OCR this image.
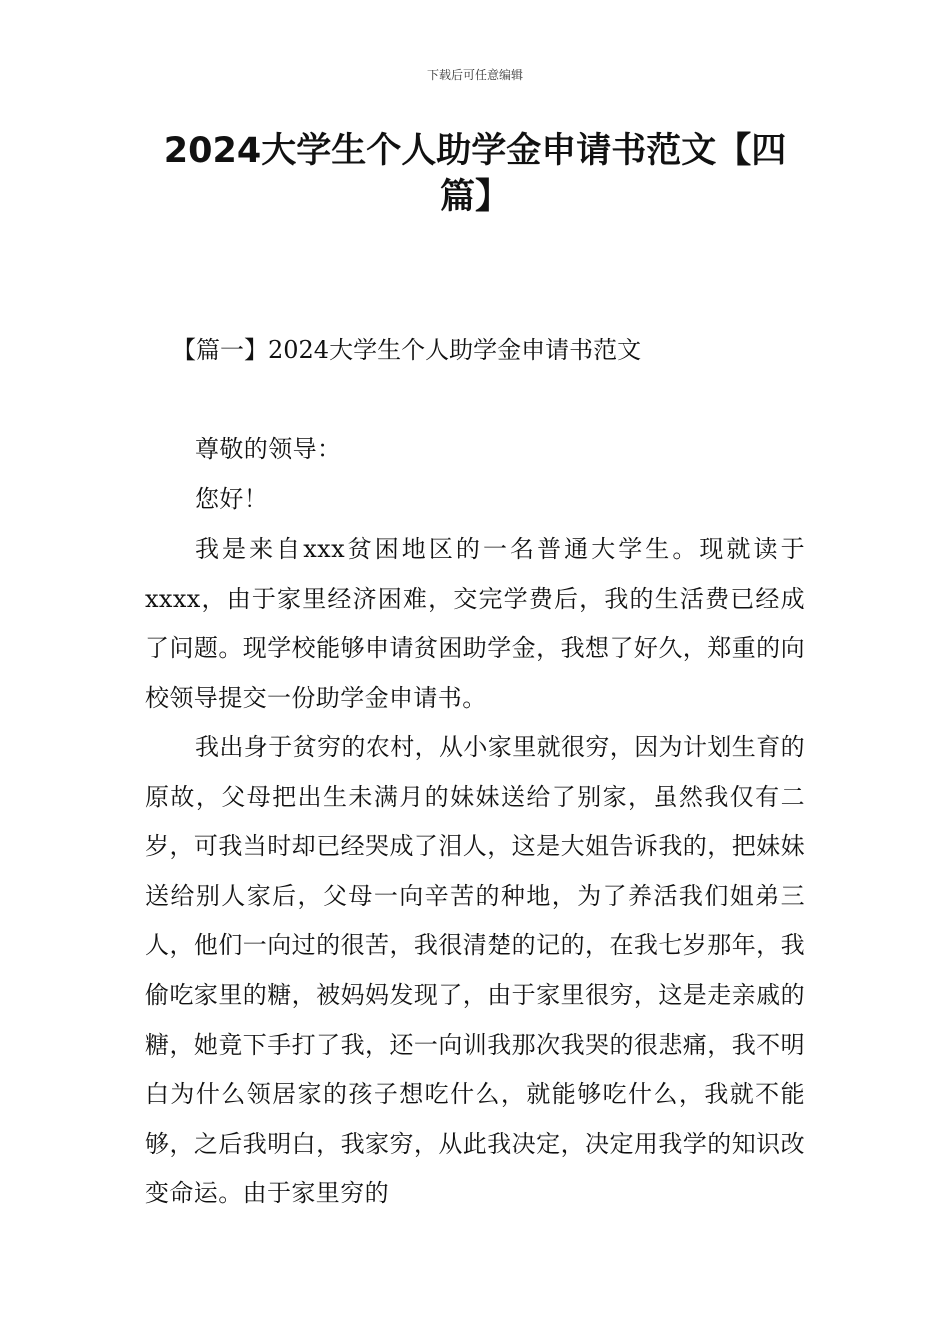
下载后可任意编辑
2024大学生个人助学金申请书范文【四篇】
【篇一】2024大学生个人助学金申请书范文

尊敬的领导：

您好！

我是来自xxx贫困地区的一名普通大学生。现就读于xxxx，由于家里经济困难，交完学费后，我的生活费已经成了问题。现学校能够申请贫困助学金，我想了好久，郑重的向校领导提交一份助学金申请书。

我出身于贫穷的农村，从小家里就很穷，因为计划生育的原故，父母把出生未满月的妹妹送给了别家，虽然我仅有二岁，可我当时却已经哭成了泪人，这是大姐告诉我的，把妹妹送给别人家后，父母一向辛苦的种地，为了养活我们姐弟三人，他们一向过的很苦，我很清楚的记的，在我七岁那年，我偷吃家里的糖，被妈妈发现了，由于家里很穷，这是走亲戚的糖，她竟下手打了我，还一向训我那次我哭的很悲痛，我不明白为什么领居家的孩子想吃什么，就能够吃什么，我就不能够，之后我明白，我家穷，从此我决定，决定用我学的知识改变命运。由于家里穷的
